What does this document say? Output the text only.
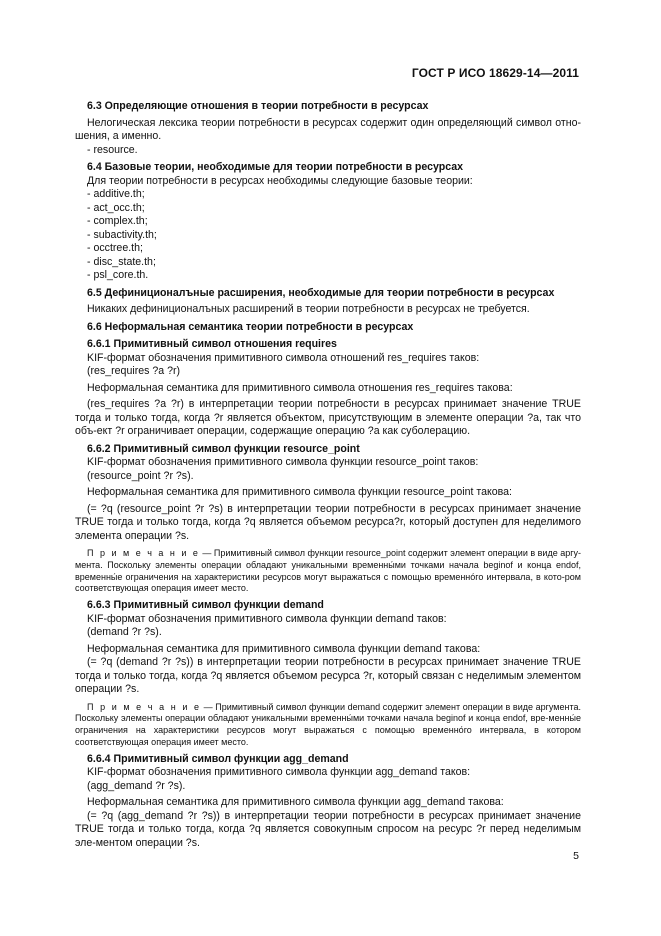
ГОСТ Р ИСО 18629-14—2011

6.3 Определяющие отношения в теории потребности в ресурсах

Нелогическая лексика теории потребности в ресурсах содержит один определяющий символ отно-шения, а именно.

- resource.

6.4 Базовые теории, необходимые для теории потребности в ресурсах

Для теории потребности в ресурсах необходимы следующие базовые теории:

- additive.th;
- act_occ.th;
- complex.th;
- subactivity.th;
- occtree.th;
- disc_state.th;
- psl_core.th.

6.5 Дефиниционалъные расширения, необходимые для теории потребности в ресурсах

Никаких дефиниционалъных расширений в теории потребности в ресурсах не требуется.

6.6 Неформальная семантика теории потребности в ресурсах

6.6.1 Примитивный символ отношения requires

KIF-формат обозначения примитивного символа отношений res_requires таков:

(res_requires ?a ?r)

Неформальная семантика для примитивного символа отношения res_requires такова:

(res_requires ?a ?r) в интерпретации теории потребности в ресурсах принимает значение TRUE тогда и только тогда, когда ?r является объектом, присутствующим в элементе операции ?a, так что объ-ект ?r ограничивает операции, содержащие операцию ?a как суболерацию.

6.6.2 Примитивный символ функции resource_point

KIF-формат обозначения примитивного символа функции resource_point таков:

(resource_point ?r ?s).

Неформальная семантика для примитивного символа функции resource_point такова:

(= ?q (resource_point ?r ?s) в интерпретации теории потребности в ресурсах принимает значение TRUE тогда и только тогда, когда ?q является объемом ресурса?r, который доступен для неделимого элемента операции ?s.

П р и м е ч а н и е — Примитивный символ функции resource_point содержит элемент операции в виде аргу-мента. Поскольку элементы операции обладают уникальными временны́ми точками начала beginof и конца endof, временны́е ограничения на характеристики ресурсов могут выражаться с помощью временно́го интервала, в кото-ром соответствующая операция имеет место.

6.6.3 Примитивный символ функции demand

KIF-формат обозначения примитивного символа функции demand таков:

(demand ?r ?s).

Неформальная семантика для примитивного символа функции demand такова:

(= ?q (demand ?r ?s)) в интерпретации теории потребности в ресурсах принимает значение TRUE тогда и только тогда, когда ?q является объемом ресурса ?r, который связан с неделимым элементом операции ?s.

П р и м е ч а н и е — Примитивный символ функции demand содержит элемент операции в виде аргумента. Поскольку элементы операции обладают уникальными временны́ми точками начала beginof и конца endof, вре-менны́е ограничения на характеристики ресурсов могут выражаться с помощью временно́го интервала, в котором соответствующая операция имеет место.

6.6.4 Примитивный символ функции agg_demand

KIF-формат обозначения примитивного символа функции agg_demand таков:

(agg_demand ?r ?s).

Неформальная семантика для примитивного символа функции agg_demand такова:

(= ?q (agg_demand ?r ?s)) в интерпретации теории потребности в ресурсах принимает значение TRUE тогда и только тогда, когда ?q является совокупным спросом на ресурс ?r перед неделимым эле-ментом операции ?s.

5
